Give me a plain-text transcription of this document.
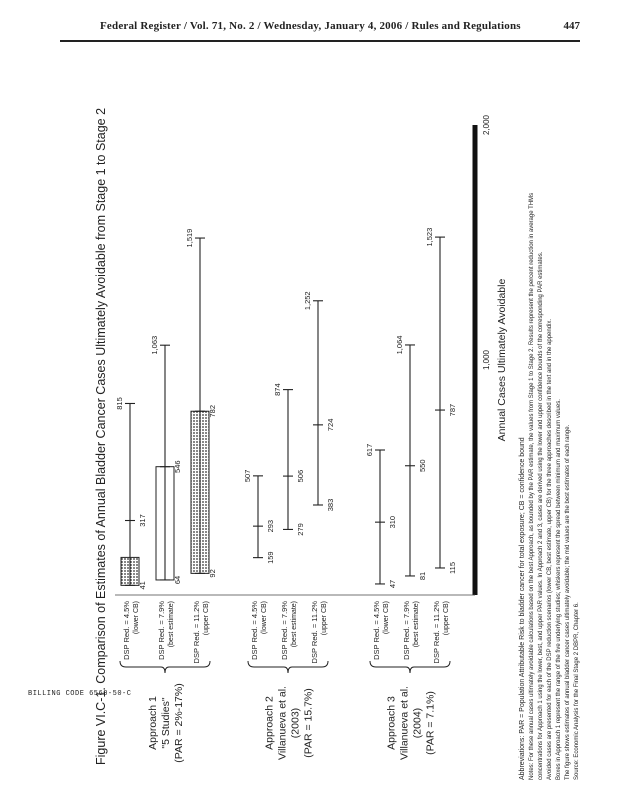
Federal Register / Vol. 71, No. 2 / Wednesday, January 4, 2006 / Rules and Regulations	447
BILLING CODE 6560-50-C
Figure VI.C-1. Comparison of Estimates of Annual Bladder Cancer Cases Ultimately Avoidable from Stage 1 to Stage 2	1,000
2,000
Annual Cases Ultimately Avoidable
41
317
815
DSP Red. = 4.5% (lower CB)
64
546
1,063
DSP Red. = 7.9% (best estimate)
92
782
1,519
DSP Red. = 11.2% (upper CB)
159
293
507
DSP Red. = 4.5% (lower CB)
279
506
874
DSP Red. = 7.9% (best estimate)
383
724
1,252
DSP Red. = 11.2% (upper CB)
47
310
617
DSP Red. = 4.5% (lower CB)
81
550
1,064
DSP Red. = 7.9% (best estimate)
115
787
1,523
DSP Red. = 11.2% (upper CB)
Approach 1 "5 Studies" (PAR = 2%-17%)	Approach 2 Villanueva et al. (2003) (PAR = 15.7%)	Approach 3 Villanueva et al. (2004) (PAR = 7.1%)	Abbreviations: PAR = Population Attributable Risk to bladder cancer for total exposure; CB = confidence bound Notes: For these annual cases ultimately avoidable calculations based on the best Approach, as bounded by the PAR estimate, the values from Stage 1 to Stage 2. Results represent the percent reduction in average THMs concentrations for Approach 1 using the lower, best, and upper PAR values. In Approach 2 and 3, cases are derived using the lower and upper confidence bounds of the corresponding PAR estimates. Avoided cases are presented for each of the DSP reduction scenarios (lower CB, best estimate, upper CB) for the three approaches described in the text and in the appendix. Boxes in Approach 1 represent the range of the five underlying studies; whiskers represent the spread between minimum and maximum values. The figure shows estimates of annual bladder cancer cases ultimately avoidable; the mid values are the best estimates of each range. Source: Economic Analysis for the Final Stage 2 DBPR, Chapter 6.
